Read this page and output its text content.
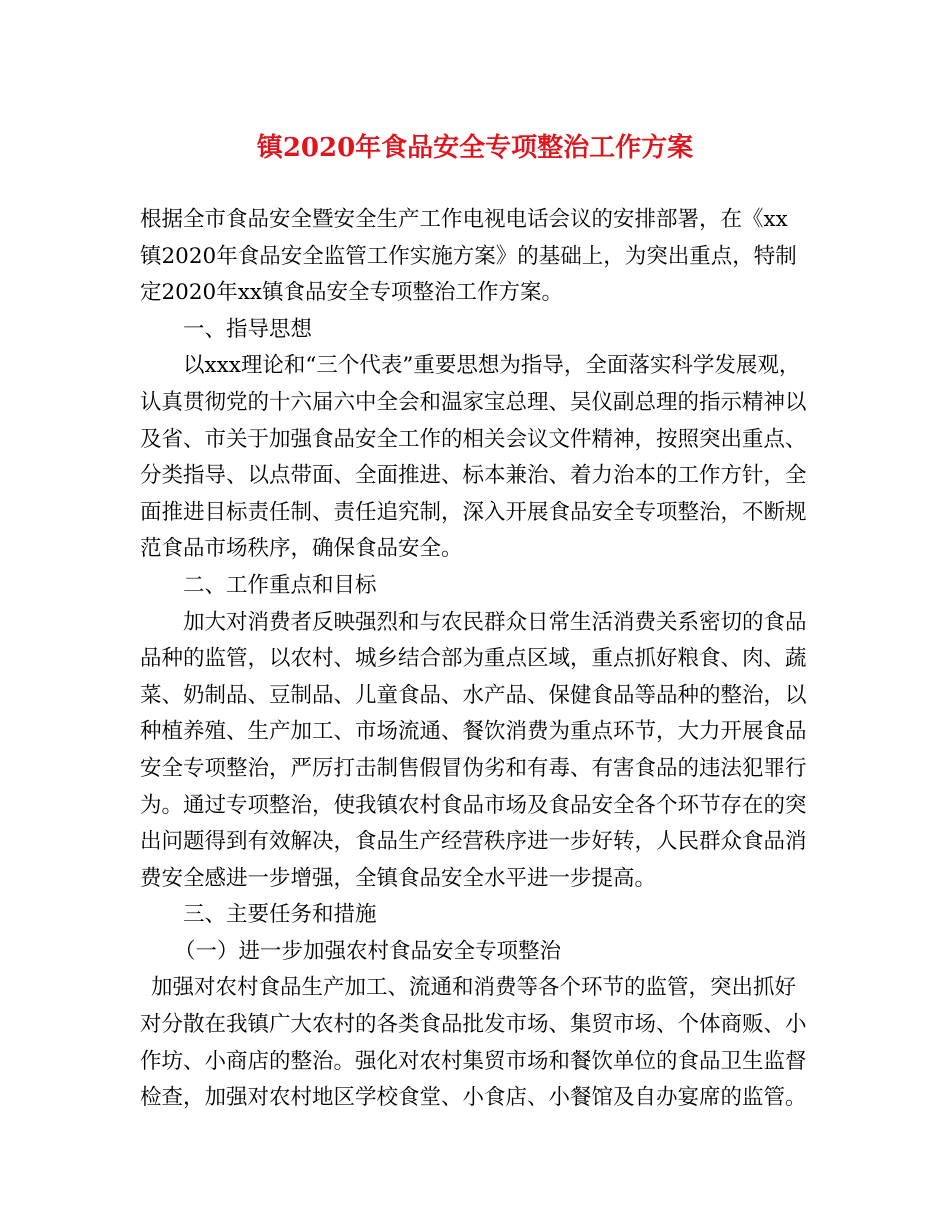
镇2020年食品安全专项整治工作方案
根据全市食品安全暨安全生产工作电视电话会议的安排部署，在《xx
镇2020年食品安全监管工作实施方案》的基础上，为突出重点，特制
定2020年xx镇食品安全专项整治工作方案。
一、指导思想
以xxx理论和“三个代表”重要思想为指导，全面落实科学发展观，
认真贯彻党的十六届六中全会和温家宝总理、吴仪副总理的指示精神以
及省、市关于加强食品安全工作的相关会议文件精神，按照突出重点、
分类指导、以点带面、全面推进、标本兼治、着力治本的工作方针，全
面推进目标责任制、责任追究制，深入开展食品安全专项整治，不断规
范食品市场秩序，确保食品安全。
二、工作重点和目标
加大对消费者反映强烈和与农民群众日常生活消费关系密切的食品
品种的监管，以农村、城乡结合部为重点区域，重点抓好粮食、肉、蔬
菜、奶制品、豆制品、儿童食品、水产品、保健食品等品种的整治，以
种植养殖、生产加工、市场流通、餐饮消费为重点环节，大力开展食品
安全专项整治，严厉打击制售假冒伪劣和有毒、有害食品的违法犯罪行
为。通过专项整治，使我镇农村食品市场及食品安全各个环节存在的突
出问题得到有效解决，食品生产经营秩序进一步好转，人民群众食品消
费安全感进一步增强，全镇食品安全水平进一步提高。
三、主要任务和措施
（一）进一步加强农村食品安全专项整治
加强对农村食品生产加工、流通和消费等各个环节的监管，突出抓好
对分散在我镇广大农村的各类食品批发市场、集贸市场、个体商贩、小
作坊、小商店的整治。强化对农村集贸市场和餐饮单位的食品卫生监督
检查，加强对农村地区学校食堂、小食店、小餐馆及自办宴席的监管。
